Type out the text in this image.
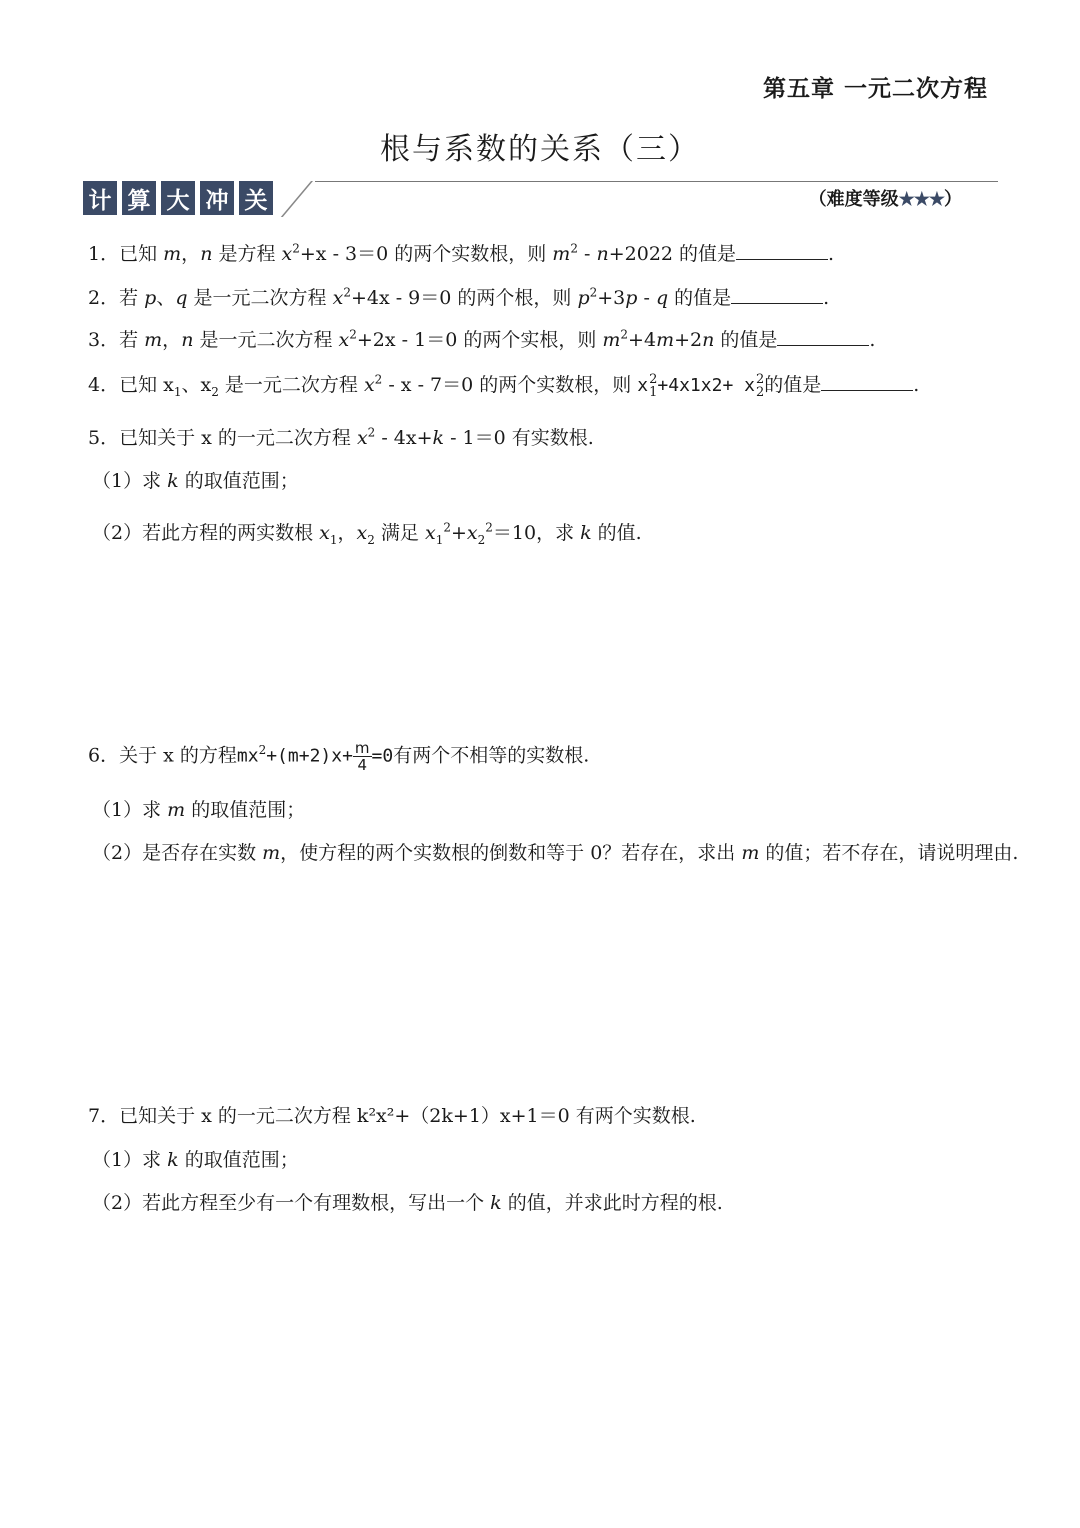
第五章 一元二次方程
根与系数的关系（三）
计 算 大 冲 关	（难度等级★★★）
1．已知 m，n 是方程 $x^2+x - 3=0$ 的两个实数根，则 $m^2 - n+2022$ 的值是	.
2．若 p、q 是一元二次方程 $x^2+4x - 9=0$ 的两个根，则 $p^2+3p - q$ 的值是	.
3．若 m，n 是一元二次方程 $x^2+2x - 1=0$ 的两个实根，则 $m^2+4m+2n$ 的值是	.
4．已知 $x_1$、$x_2$ 是一元二次方程 $x^2 - x - 7=0$ 的两个实数根，则 x 2
1 +4x1x2+ x 2
2 的值是	.
5．已知关于 x 的一元二次方程 $x^2 - 4x+k - 1=0$ 有实数根.
（1）求 k 的取值范围；
（2）若此方程的两实数根 $x_1$，$x_2$ 满足 $x_1^2+x_2^2=10$，求 k 的值.
6．关于 x 的方程$mx^2+(m+2)x+ \frac{m}{4} =0$有两个不相等的实数根.
（1）求 m 的取值范围；
（2）是否存在实数 m，使方程的两个实数根的倒数和等于 0？若存在，求出 m 的值；若不存在，请说明理由.
7．已知关于 x 的一元二次方程 k²x²+（2k+1）x+1＝0 有两个实数根.
（1）求 k 的取值范围；
（2）若此方程至少有一个有理数根，写出一个 k 的值，并求此时方程的根.
